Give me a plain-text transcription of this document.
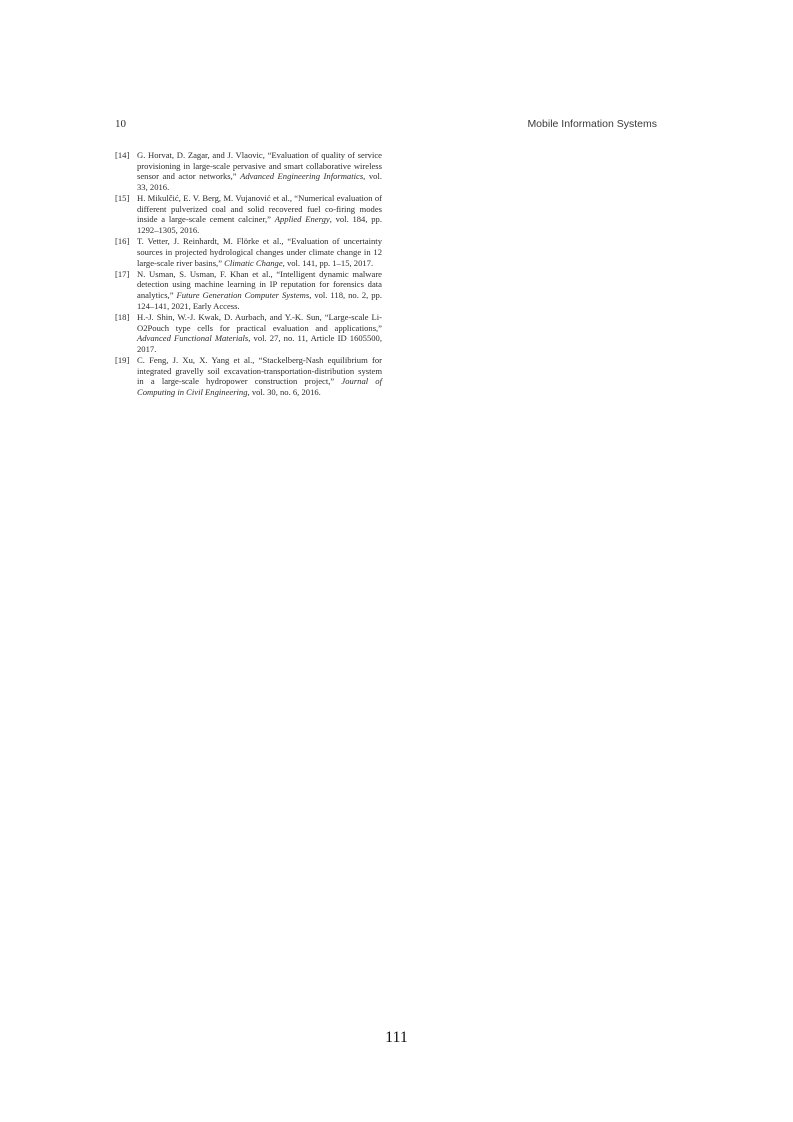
10	Mobile Information Systems

[14] G. Horvat, D. Zagar, and J. Vlaovic, “Evaluation of quality of service provisioning in large-scale pervasive and smart collaborative wireless sensor and actor networks,” Advanced Engineering Informatics, vol. 33, 2016.

[15] H. Mikulčić, E. V. Berg, M. Vujanović et al., “Numerical evaluation of different pulverized coal and solid recovered fuel co-firing modes inside a large-scale cement calciner,” Applied Energy, vol. 184, pp. 1292–1305, 2016.

[16] T. Vetter, J. Reinhardt, M. Flörke et al., “Evaluation of uncertainty sources in projected hydrological changes under climate change in 12 large-scale river basins,” Climatic Change, vol. 141, pp. 1–15, 2017.

[17] N. Usman, S. Usman, F. Khan et al., “Intelligent dynamic malware detection using machine learning in IP reputation for forensics data analytics,” Future Generation Computer Systems, vol. 118, no. 2, pp. 124–141, 2021, Early Access.

[18] H.-J. Shin, W.-J. Kwak, D. Aurbach, and Y.-K. Sun, “Large-scale Li-O2Pouch type cells for practical evaluation and applications,” Advanced Functional Materials, vol. 27, no. 11, Article ID 1605500, 2017.

[19] C. Feng, J. Xu, X. Yang et al., “Stackelberg-Nash equilibrium for integrated gravelly soil excavation-transportation-distribution system in a large-scale hydropower construction project,” Journal of Computing in Civil Engineering, vol. 30, no. 6, 2016.

111
